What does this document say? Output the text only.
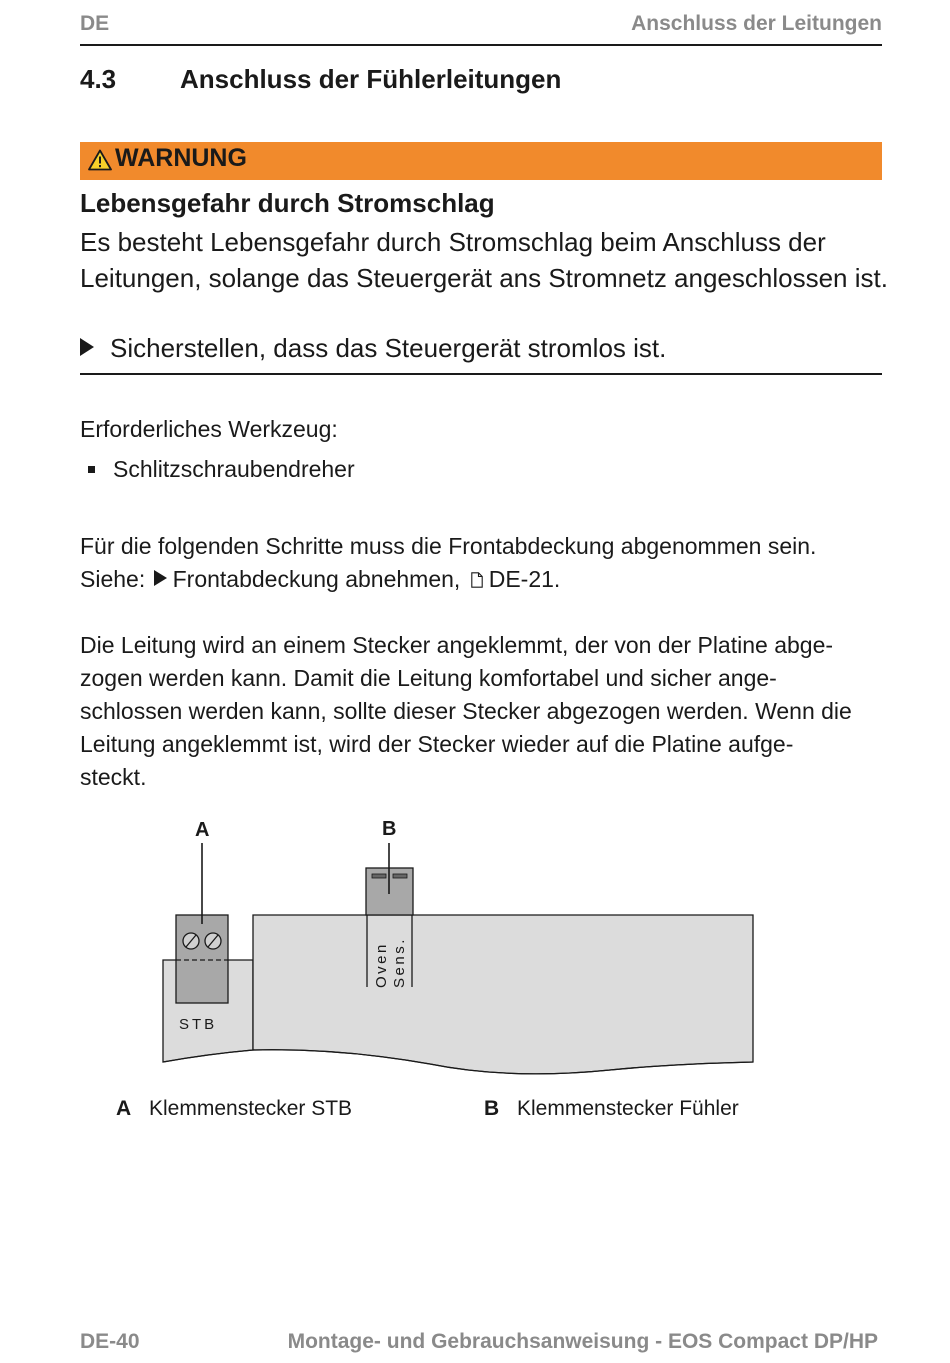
DE	Anschluss der Leitungen
4.3 Anschluss der Fühlerleitungen
WARNUNG
Lebensgefahr durch Stromschlag
Es besteht Lebensgefahr durch Stromschlag beim Anschluss der Leitungen, solange das Steuergerät ans Stromnetz angeschlossen ist.
Sicherstellen, dass das Steuergerät stromlos ist.
Erforderliches Werkzeug:
Schlitzschraubendreher
Für die folgenden Schritte muss die Frontabdeckung abgenommen sein.
Siehe: Frontabdeckung abnehmen, DE-21.
Die Leitung wird an einem Stecker angeklemmt, der von der Platine abge-
zogen werden kann. Damit die Leitung komfortabel und sicher ange-
schlossen werden kann, sollte dieser Stecker abgezogen werden. Wenn die
Leitung angeklemmt ist, wird der Stecker wieder auf die Platine aufge-
steckt.
STB
Oven Sens.
A	B
A Klemmenstecker STB	B Klemmenstecker Fühler
DE-40	Montage- und Gebrauchsanweisung - EOS Compact DP/HP
